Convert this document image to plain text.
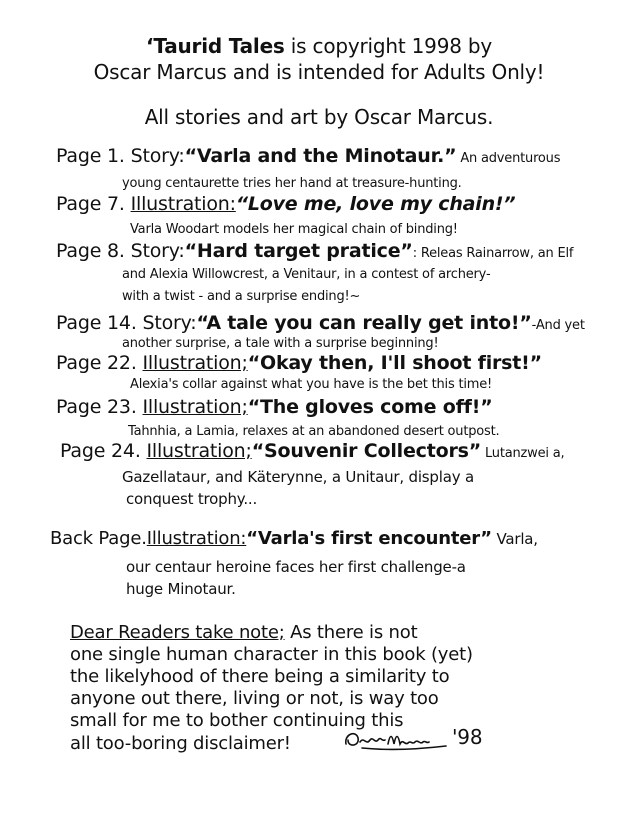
‘Taurid Tales is copyright 1998 by
Oscar Marcus and is intended for Adults Only!
All stories and art by Oscar Marcus.
Page 1. Story:“Varla and the Minotaur.” An adventurous
young centaurette tries her hand at treasure-hunting.
Page 7. Illustration:“Love me, love my chain!”
Varla Woodart models her magical chain of binding!
Page 8. Story:“Hard target pratice”: Releas Rainarrow, an Elf
and Alexia Willowcrest, a Venitaur, in a contest of archery-
with a twist - and a surprise ending!~
Page 14. Story:“A tale you can really get into!”-And yet
another surprise, a tale with a surprise beginning!
Page 22. Illustration;“Okay then, I'll shoot first!”
Alexia's collar against what you have is the bet this time!
Page 23. Illustration;“The gloves come off!”
Tahnhia, a Lamia, relaxes at an abandoned desert outpost.
Page 24. Illustration;“Souvenir Collectors” Lutanzwei a,
Gazellataur, and Käterynne, a Unitaur, display a
conquest trophy...
Back Page.Illustration:“Varla's first encounter” Varla,
our centaur heroine faces her first challenge-a
huge Minotaur.
Dear Readers take note; As there is not
one single human character in this book (yet)
the likelyhood of there being a similarity to
anyone out there, living or not, is way too
small for me to bother continuing this
all too-boring disclaimer!	'98
